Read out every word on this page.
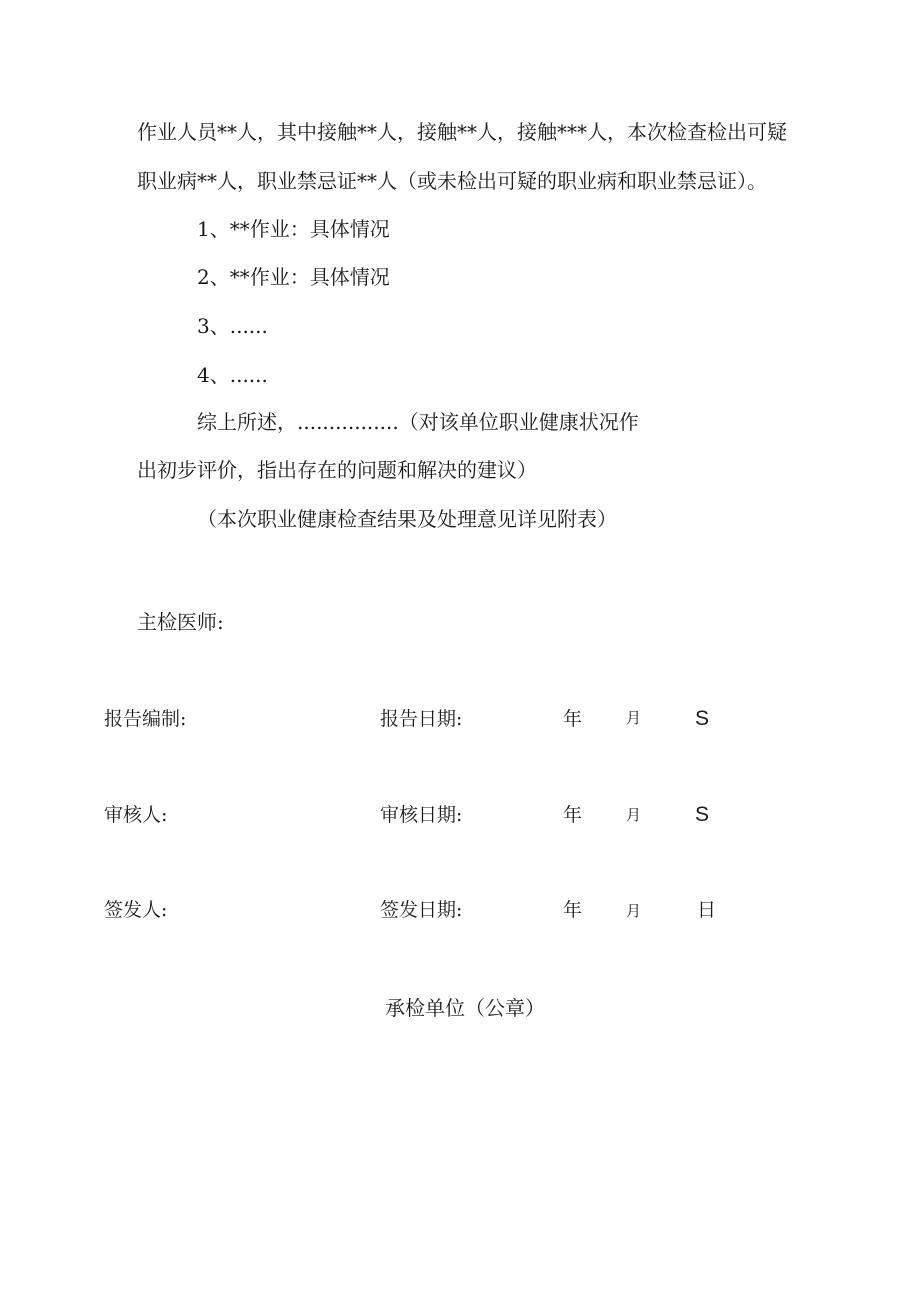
作业人员**人，其中接触**人，接触**人，接触***人，本次检查检出可疑
职业病**人，职业禁忌证**人（或未检出可疑的职业病和职业禁忌证）。
1、**作业：具体情况
2、**作业：具体情况
3、......
4、......
综上所述，................（对该单位职业健康状况作
出初步评价，指出存在的问题和解决的建议）
（本次职业健康检查结果及处理意见详见附表）
主检医师:
报告编制:	报告日期:	年	月	S
审核人:	审核日期:	年	月	S
签发人:	签发日期:	年	月	日
承检单位（公章）
